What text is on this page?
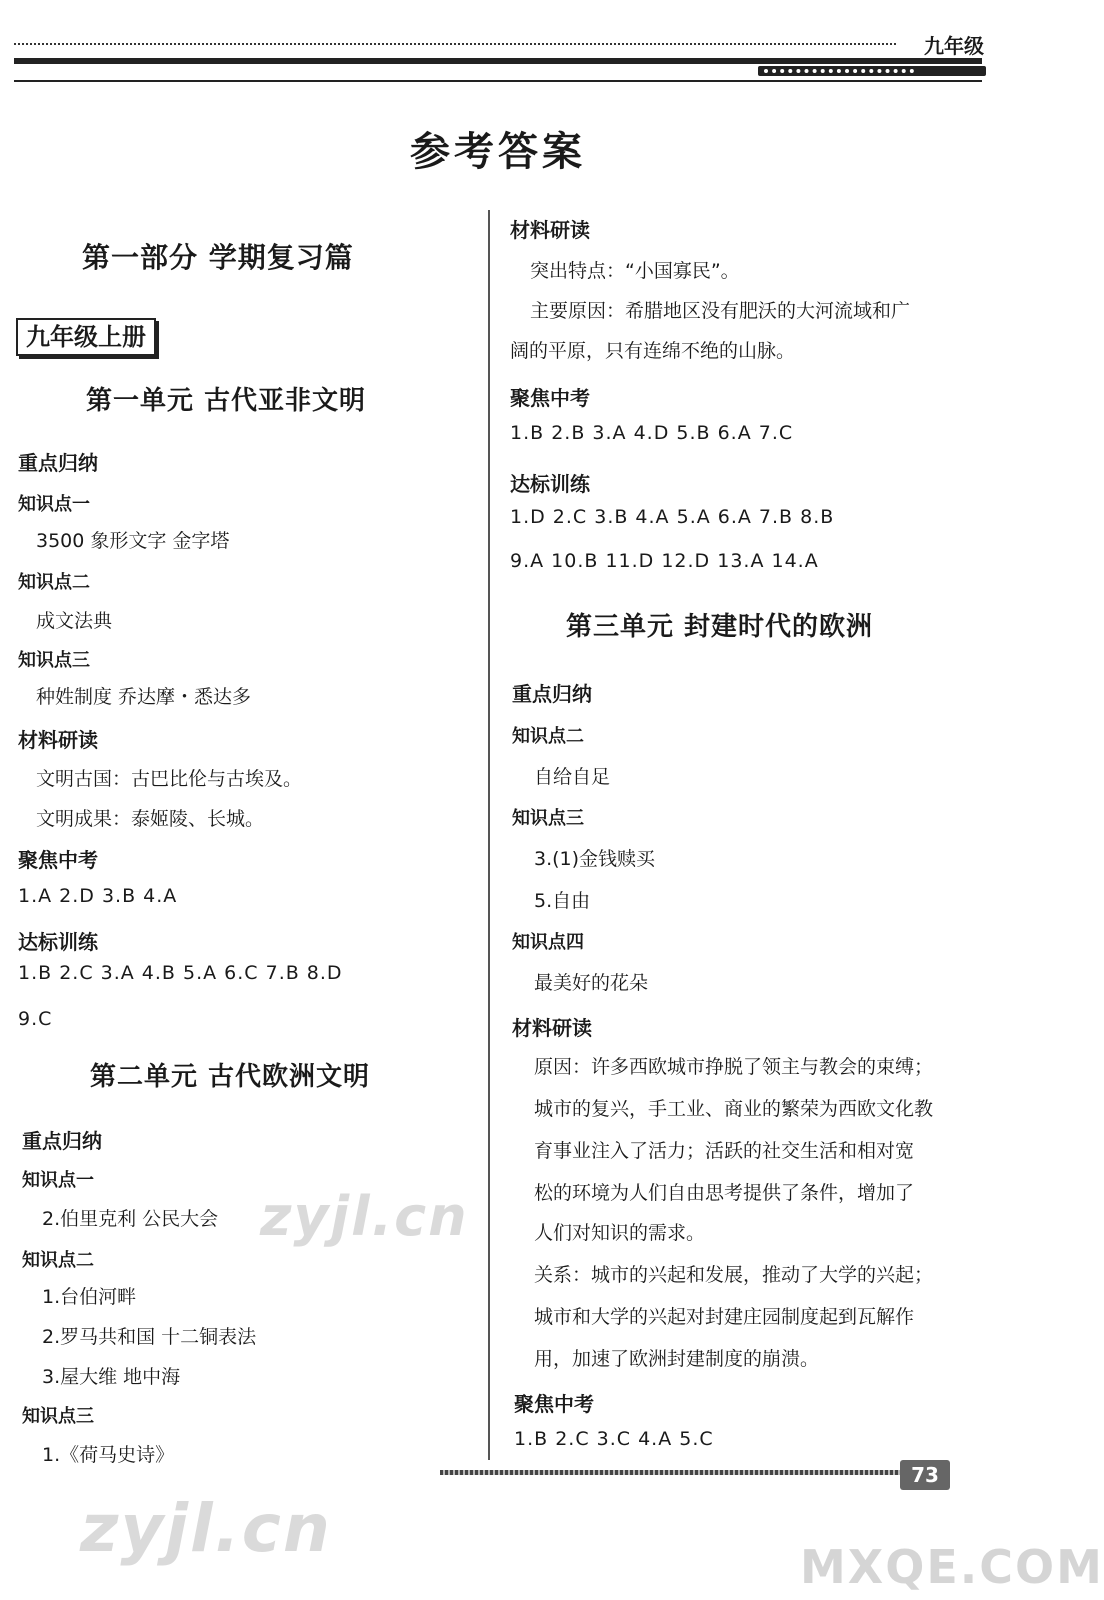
九年级
参考答案
第一部分 学期复习篇
九年级上册
第一单元 古代亚非文明
重点归纳
知识点一
3500 象形文字 金字塔
知识点二
成文法典
知识点三
种姓制度 乔达摩・悉达多
材料研读
文明古国：古巴比伦与古埃及。
文明成果：泰姬陵、长城。
聚焦中考
1.A 2.D 3.B 4.A
达标训练
1.B 2.C 3.A 4.B 5.A 6.C 7.B 8.D
9.C
第二单元 古代欧洲文明
重点归纳
知识点一
2.伯里克利 公民大会
知识点二
1.台伯河畔
2.罗马共和国 十二铜表法
3.屋大维 地中海
知识点三
1.《荷马史诗》
材料研读
突出特点：“小国寡民”。
主要原因：希腊地区没有肥沃的大河流域和广
阔的平原，只有连绵不绝的山脉。
聚焦中考
1.B 2.B 3.A 4.D 5.B 6.A 7.C
达标训练
1.D 2.C 3.B 4.A 5.A 6.A 7.B 8.B
9.A 10.B 11.D 12.D 13.A 14.A
第三单元 封建时代的欧洲
重点归纳
知识点二
自给自足
知识点三
3.(1)金钱赎买
5.自由
知识点四
最美好的花朵
材料研读
原因：许多西欧城市挣脱了领主与教会的束缚；
城市的复兴，手工业、商业的繁荣为西欧文化教
育事业注入了活力；活跃的社交生活和相对宽
松的环境为人们自由思考提供了条件，增加了
人们对知识的需求。
关系：城市的兴起和发展，推动了大学的兴起；
城市和大学的兴起对封建庄园制度起到瓦解作
用，加速了欧洲封建制度的崩溃。
聚焦中考
1.B 2.C 3.C 4.A 5.C
73
zyjl.cn
zyjl.cn	MXQE.COM
